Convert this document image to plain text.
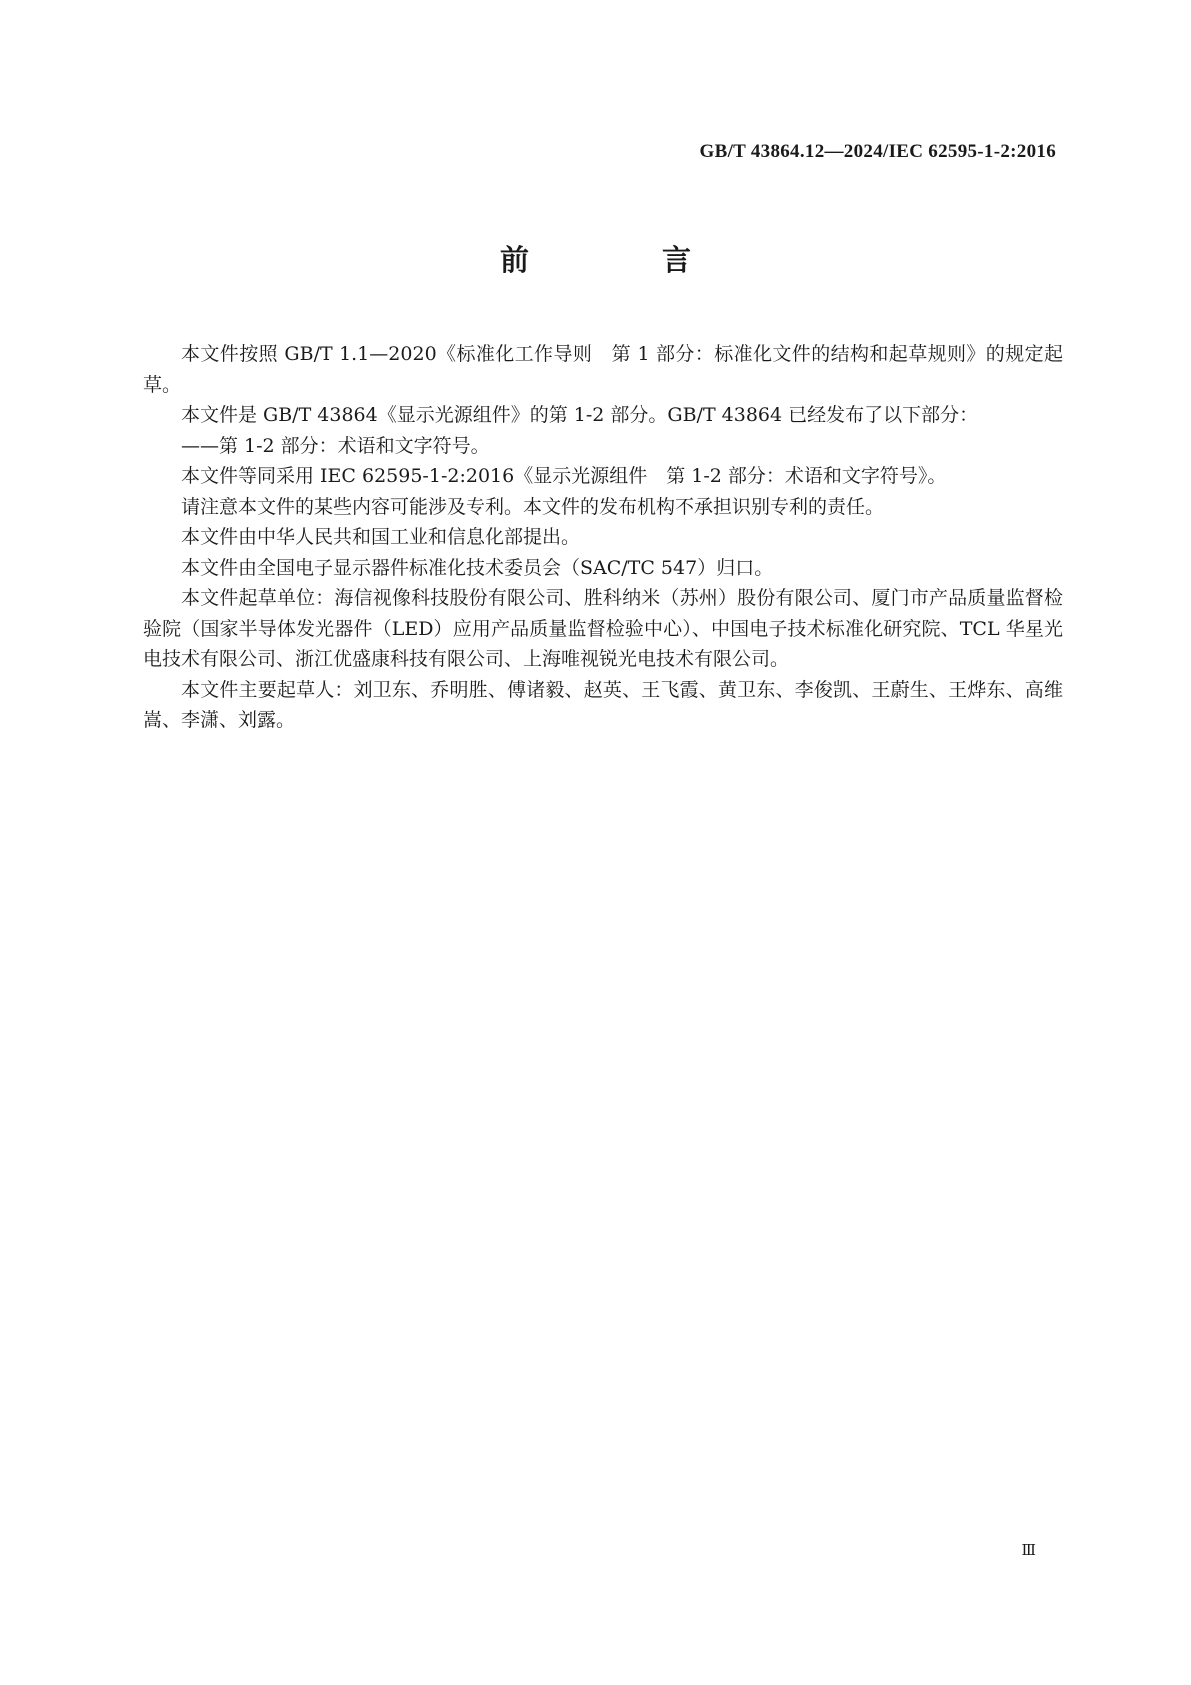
GB/T 43864.12—2024/IEC 62595-1-2:2016
前　言

本文件按照 GB/T 1.1—2020《标准化工作导则　第 1 部分：标准化文件的结构和起草规则》的规定起草。

本文件是 GB/T 43864《显示光源组件》的第 1-2 部分。GB/T 43864 已经发布了以下部分：

——第 1-2 部分：术语和文字符号。

本文件等同采用 IEC 62595-1-2:2016《显示光源组件　第 1-2 部分：术语和文字符号》。

请注意本文件的某些内容可能涉及专利。本文件的发布机构不承担识别专利的责任。

本文件由中华人民共和国工业和信息化部提出。

本文件由全国电子显示器件标准化技术委员会（SAC/TC 547）归口。

本文件起草单位：海信视像科技股份有限公司、胜科纳米（苏州）股份有限公司、厦门市产品质量监督检验院（国家半导体发光器件（LED）应用产品质量监督检验中心）、中国电子技术标准化研究院、TCL 华星光电技术有限公司、浙江优盛康科技有限公司、上海唯视锐光电技术有限公司。

本文件主要起草人：刘卫东、乔明胜、傅诸毅、赵英、王飞霞、黄卫东、李俊凯、王蔚生、王烨东、高维嵩、李潇、刘露。

Ⅲ
